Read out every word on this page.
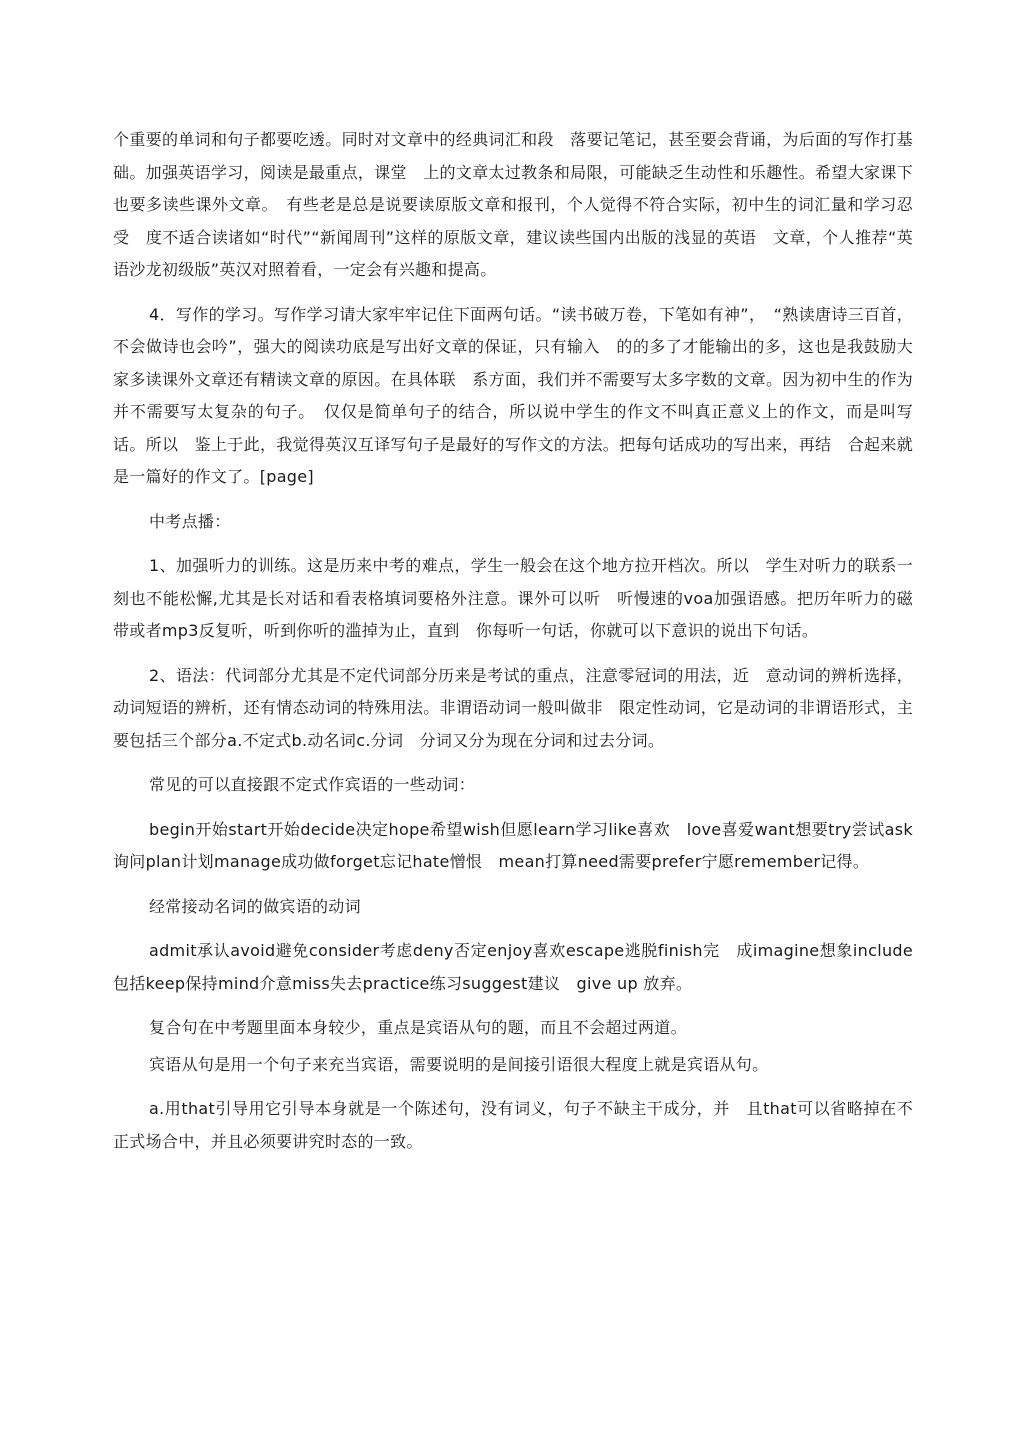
个重要的单词和句子都要吃透。同时对文章中的经典词汇和段　落要记笔记，甚至要会背诵，为后面的写作打基础。加强英语学习，阅读是最重点，课堂　上的文章太过教条和局限，可能缺乏生动性和乐趣性。希望大家课下也要多读些课外文章。　有些老是总是说要读原版文章和报刊，个人觉得不符合实际，初中生的词汇量和学习忍受　度不适合读诸如“时代”“新闻周刊”这样的原版文章，建议读些国内出版的浅显的英语　文章，个人推荐“英语沙龙初级版”英汉对照着看，一定会有兴趣和提高。

4．写作的学习。写作学习请大家牢牢记住下面两句话。“读书破万卷，下笔如有神”，　“熟读唐诗三百首，不会做诗也会吟”，强大的阅读功底是写出好文章的保证，只有输入　的的多了才能输出的多，这也是我鼓励大家多读课外文章还有精读文章的原因。在具体联　系方面，我们并不需要写太多字数的文章。因为初中生的作为并不需要写太复杂的句子。　仅仅是简单句子的结合，所以说中学生的作文不叫真正意义上的作文，而是叫写话。所以　鉴上于此，我觉得英汉互译写句子是最好的写作文的方法。把每句话成功的写出来，再结　合起来就是一篇好的作文了。[page]

中考点播：

1、加强听力的训练。这是历来中考的难点，学生一般会在这个地方拉开档次。所以　学生对听力的联系一刻也不能松懈,尤其是长对话和看表格填词要格外注意。课外可以听　听慢速的voa加强语感。把历年听力的磁带或者mp3反复听，听到你听的滥掉为止，直到　你每听一句话，你就可以下意识的说出下句话。

2、语法：代词部分尤其是不定代词部分历来是考试的重点，注意零冠词的用法，近　意动词的辨析选择，动词短语的辨析，还有情态动词的特殊用法。非谓语动词一般叫做非　限定性动词，它是动词的非谓语形式，主要包括三个部分a.不定式b.动名词c.分词　分词又分为现在分词和过去分词。

常见的可以直接跟不定式作宾语的一些动词：

begin开始start开始decide决定hope希望wish但愿learn学习like喜欢　love喜爱want想要try尝试ask询问plan计划manage成功做forget忘记hate憎恨　mean打算need需要prefer宁愿remember记得。

经常接动名词的做宾语的动词

admit承认avoid避免consider考虑deny否定enjoy喜欢escape逃脱finish完　成imagine想象include包括keep保持mind介意miss失去practice练习suggest建议　give up 放弃。

复合句在中考题里面本身较少，重点是宾语从句的题，而且不会超过两道。

宾语从句是用一个句子来充当宾语，需要说明的是间接引语很大程度上就是宾语从句。

a.用that引导用它引导本身就是一个陈述句，没有词义，句子不缺主干成分，并　且that可以省略掉在不正式场合中，并且必须要讲究时态的一致。
